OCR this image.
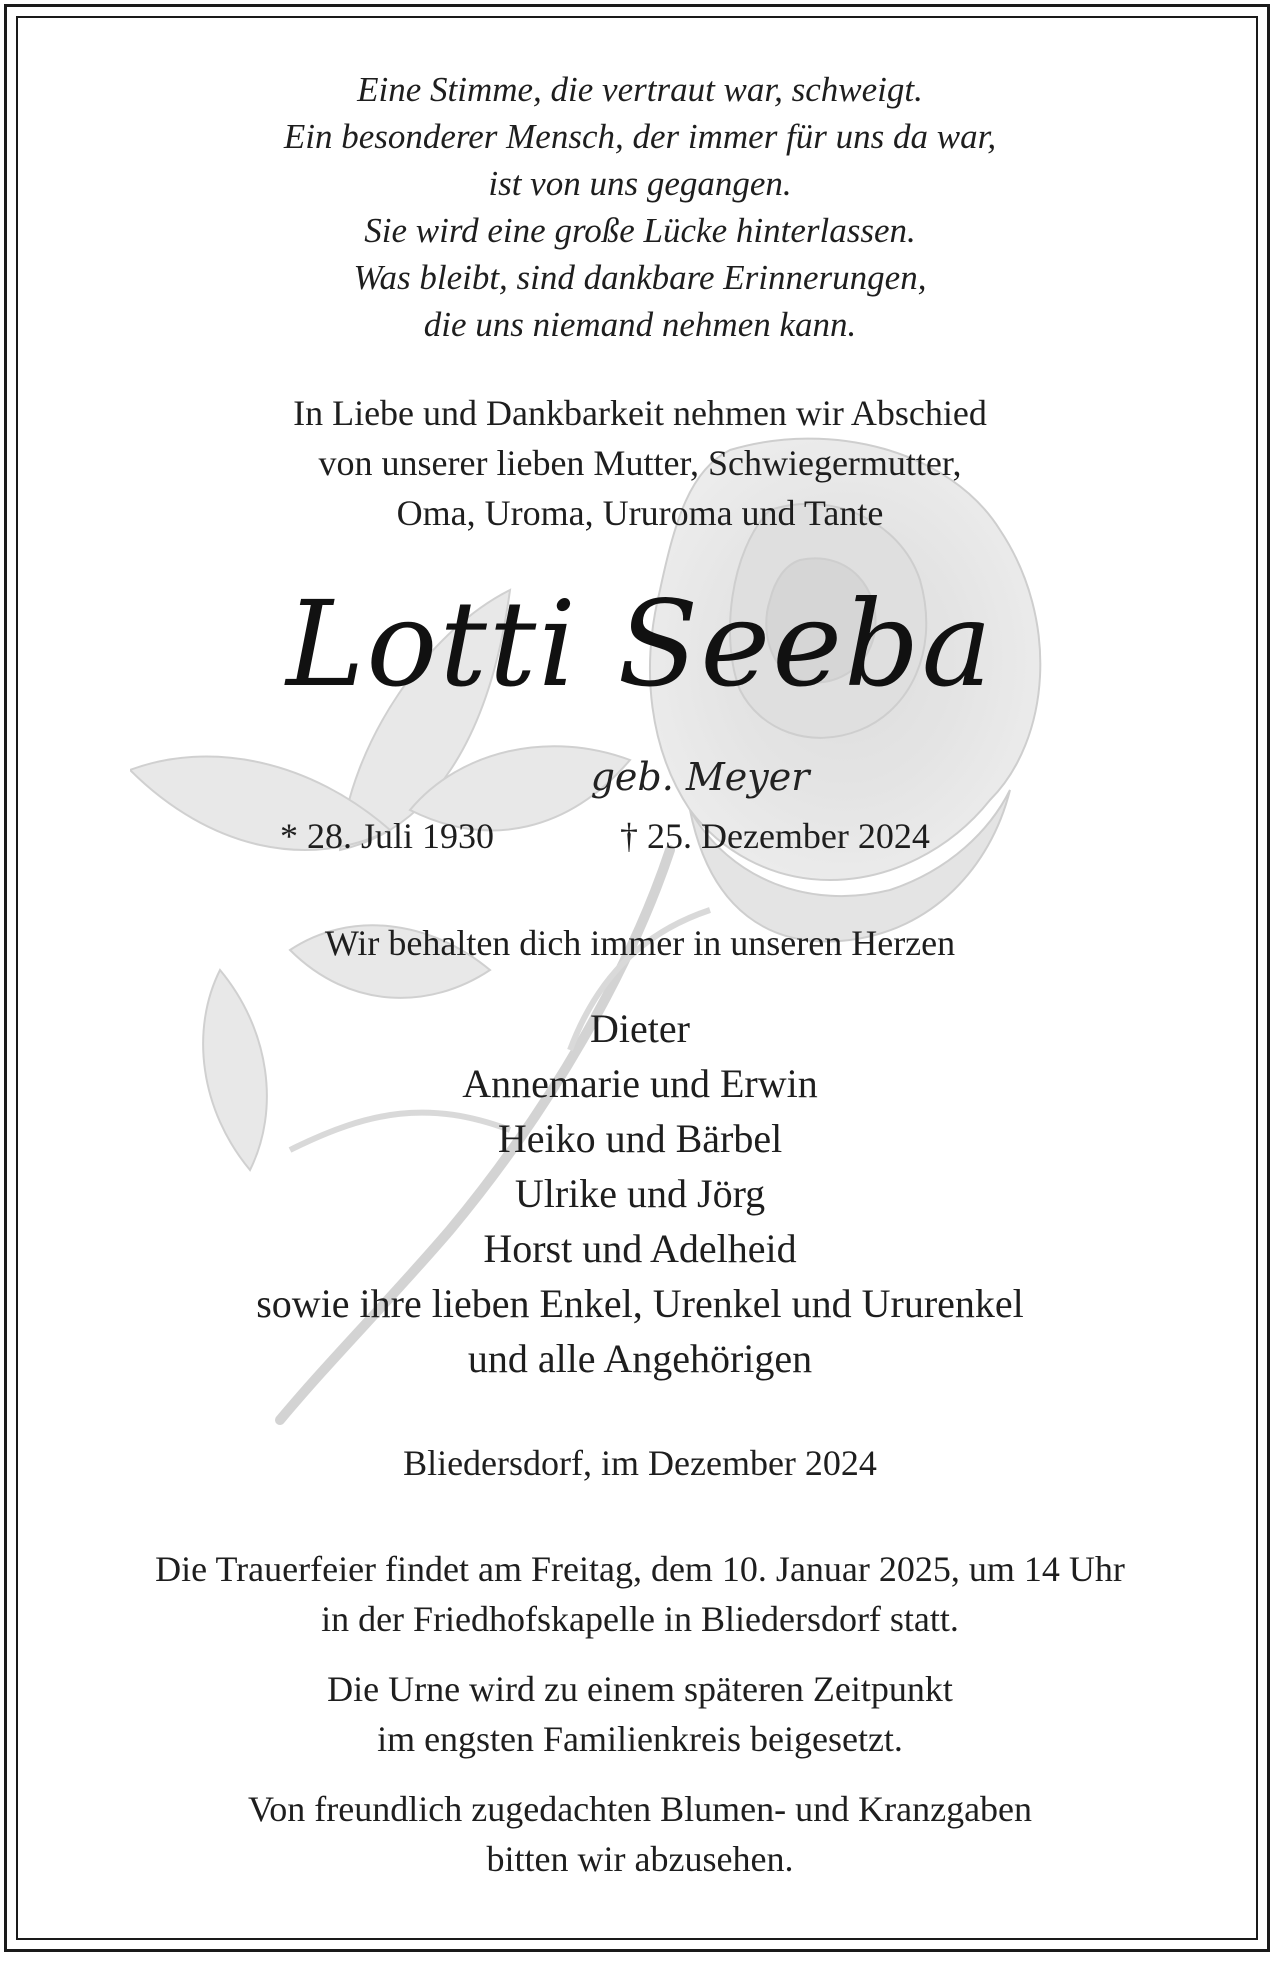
Eine Stimme, die vertraut war, schweigt.
Ein besonderer Mensch, der immer für uns da war,
ist von uns gegangen.
Sie wird eine große Lücke hinterlassen.
Was bleibt, sind dankbare Erinnerungen,
die uns niemand nehmen kann.
In Liebe und Dankbarkeit nehmen wir Abschied
von unserer lieben Mutter, Schwiegermutter,
Oma, Uroma, Ururoma und Tante
Lotti Seeba
geb. Meyer
* 28. Juli 1930	† 25. Dezember 2024
Wir behalten dich immer in unseren Herzen
Dieter
Annemarie und Erwin
Heiko und Bärbel
Ulrike und Jörg
Horst und Adelheid
sowie ihre lieben Enkel, Urenkel und Ururenkel
und alle Angehörigen
Bliedersdorf, im Dezember 2024
Die Trauerfeier findet am Freitag, dem 10. Januar 2025, um 14 Uhr
in der Friedhofskapelle in Bliedersdorf statt.
Die Urne wird zu einem späteren Zeitpunkt
im engsten Familienkreis beigesetzt.
Von freundlich zugedachten Blumen- und Kranzgaben
bitten wir abzusehen.
